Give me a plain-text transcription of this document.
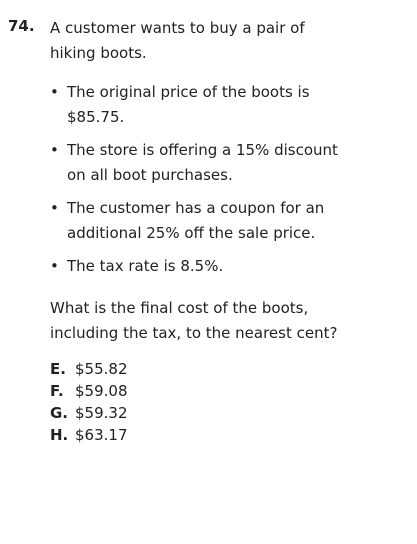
74. A customer wants to buy a pair of hiking boots.
• The original price of the boots is $85.75.
• The store is offering a 15% discount on all boot purchases.
• The customer has a coupon for an additional 25% off the sale price.
• The tax rate is 8.5%.
What is the final cost of the boots, including the tax, to the nearest cent?
E. $55.82
F. $59.08
G. $59.32
H. $63.17
